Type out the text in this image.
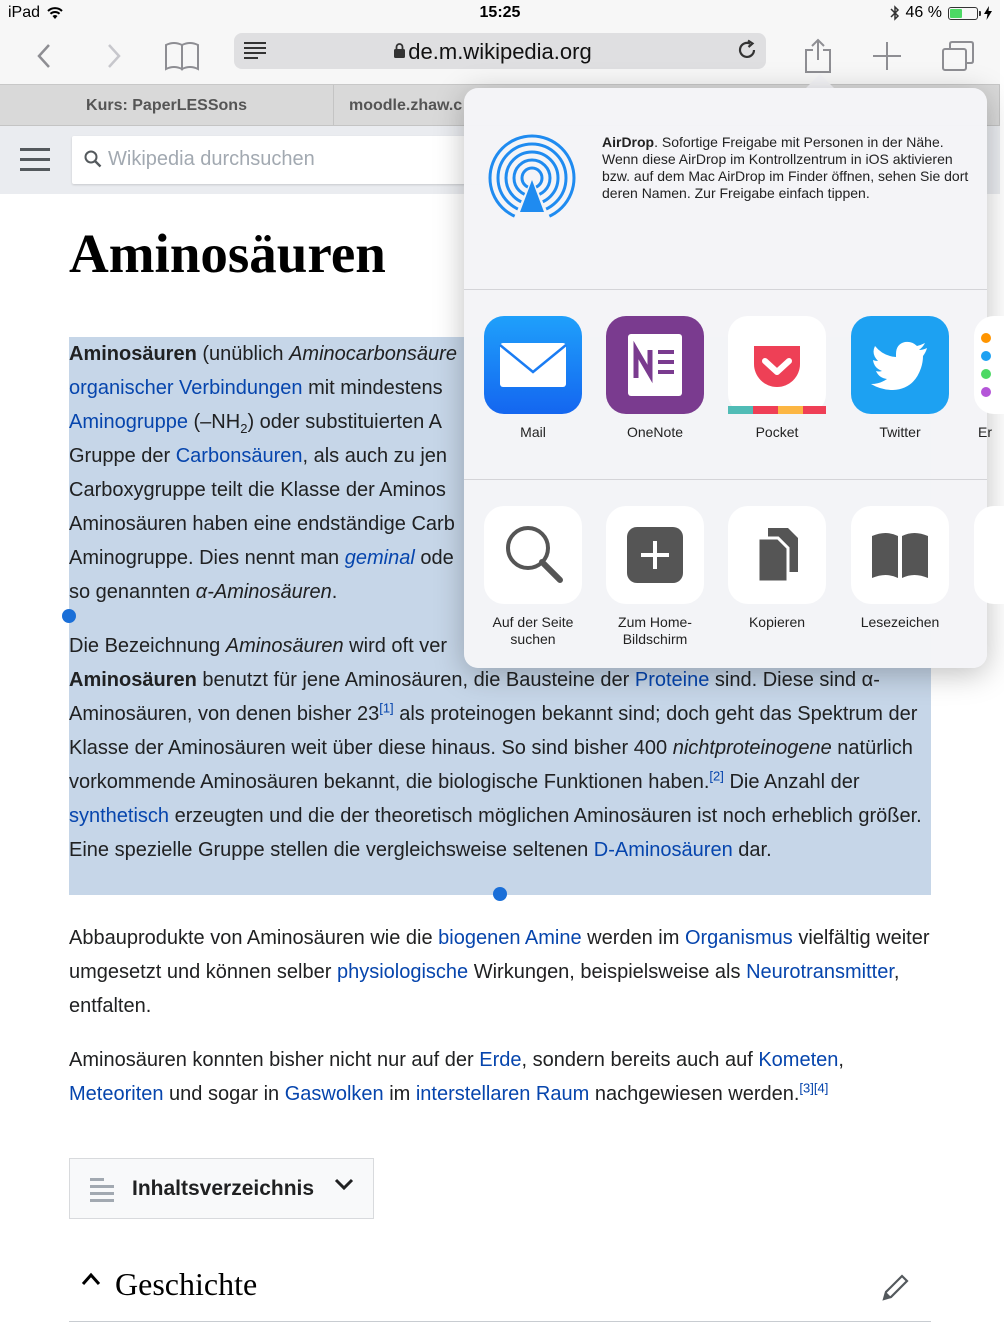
iPad	15:25	46 %
de.m.wikipedia.org
Kurs: PaperLESSons	moodle.zhaw.c
Wikipedia durchsuchen
Aminosäuren
Aminosäuren (unüblich Aminocarbonsäure
organischer Verbindungen mit mindestens
Aminogruppe $(-NH_2)$ oder substituierten A
Gruppe der Carbonsäuren, als auch zu jen
Carboxygruppe teilt die Klasse der Aminos
Aminosäuren haben eine endständige Carb
Aminogruppe. Dies nennt man geminal ode
so genannten α-Aminosäuren.
Die Bezeichnung Aminosäuren wird oft ver
Aminosäuren benutzt für jene Aminosäuren, die Bausteine der Proteine sind. Diese sind α-Aminosäuren, von denen bisher 23[1] als proteinogen bekannt sind; doch geht das Spektrum der Klasse der Aminosäuren weit über diese hinaus. So sind bisher 400 nichtproteinogene natürlich vorkommende Aminosäuren bekannt, die biologische Funktionen haben.[2] Die Anzahl der synthetisch erzeugten und die der theoretisch möglichen Aminosäuren ist noch erheblich größer. Eine spezielle Gruppe stellen die vergleichsweise seltenen D-Aminosäuren dar.
Abbauprodukte von Aminosäuren wie die biogenen Amine werden im Organismus vielfältig weiter umgesetzt und können selber physiologische Wirkungen, beispielsweise als Neurotransmitter, entfalten.
Aminosäuren konnten bisher nicht nur auf der Erde, sondern bereits auch auf Kometen, Meteoriten und sogar in Gaswolken im interstellaren Raum nachgewiesen werden.[3][4]
Inhaltsverzeichnis
Geschichte
AirDrop. Sofortige Freigabe mit Personen in der Nähe. Wenn diese AirDrop im Kontrollzentrum in iOS aktivieren bzw. auf dem Mac AirDrop im Finder öffnen, sehen Sie dort deren Namen. Zur Freigabe einfach tippen.
Mail	OneNote	Pocket	Twitter	Er
Auf der Seite suchen
Zum Home-Bildschirm
Kopieren	Lesezeichen
